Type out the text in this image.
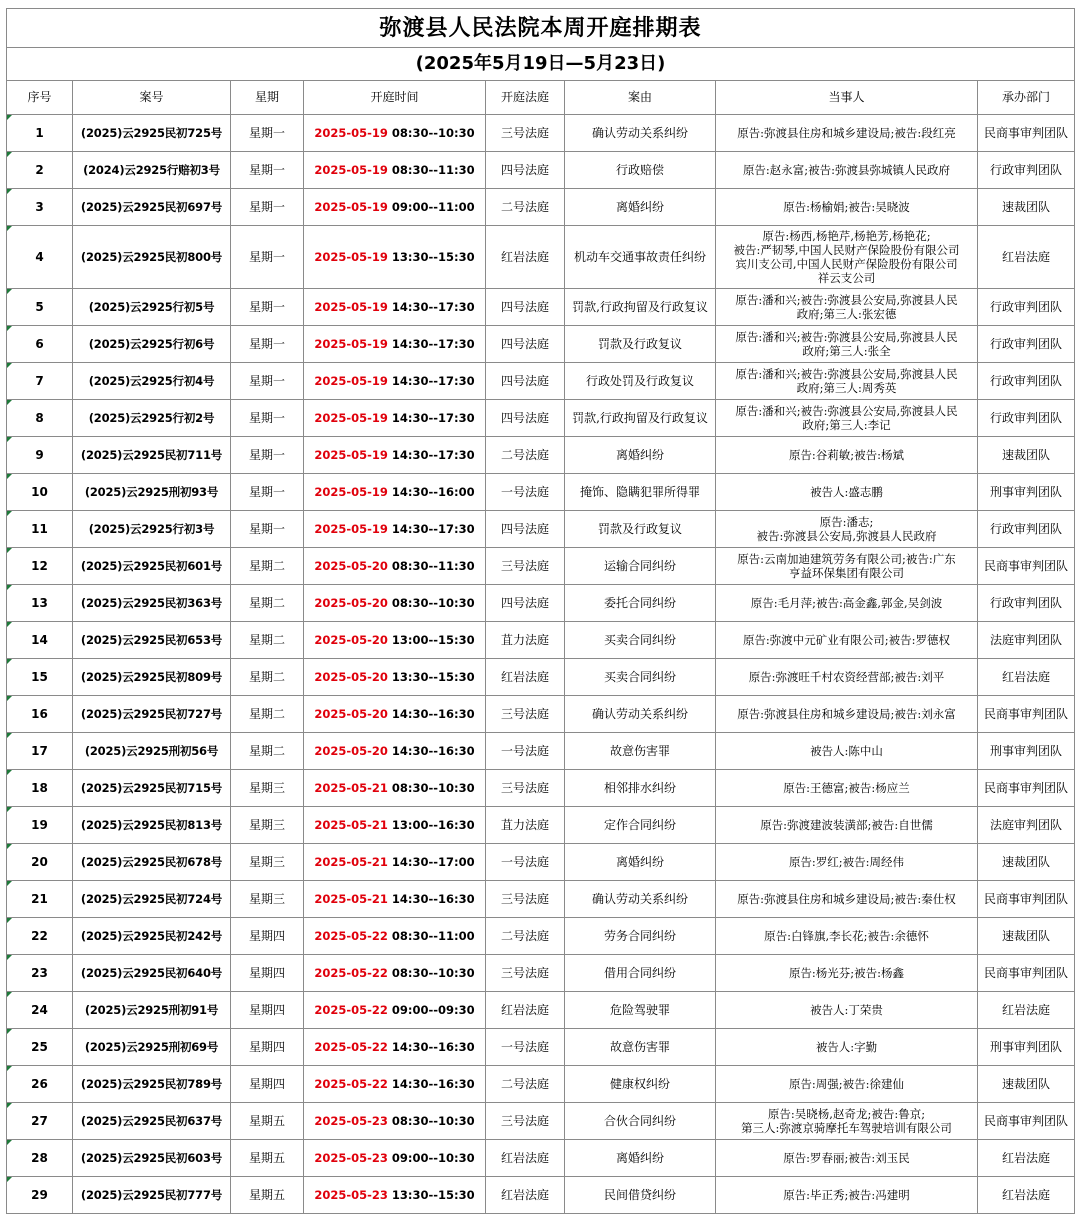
弥渡县人民法院本周开庭排期表							
(2025年5月19日—5月23日)							
序号	案号	星期	开庭时间	开庭法庭	案由	当事人	承办部门
1	(2025)云2925民初725号	星期一	2025-05-19 08:30--10:30	三号法庭	确认劳动关系纠纷	原告:弥渡县住房和城乡建设局;被告:段红亮	民商事审判团队
2	(2024)云2925行赔初3号	星期一	2025-05-19 08:30--11:30	四号法庭	行政赔偿	原告:赵永富;被告:弥渡县弥城镇人民政府	行政审判团队
3	(2025)云2925民初697号	星期一	2025-05-19 09:00--11:00	二号法庭	离婚纠纷	原告:杨榆娟;被告:吴晓波	速裁团队
4	(2025)云2925民初800号	星期一	2025-05-19 13:30--15:30	红岩法庭	机动车交通事故责任纠纷	原告:杨西,杨艳芹,杨艳芳,杨艳花;
被告:严韧琴,中国人民财产保险股份有限公司
宾川支公司,中国人民财产保险股份有限公司
祥云支公司	红岩法庭
5	(2025)云2925行初5号	星期一	2025-05-19 14:30--17:30	四号法庭	罚款,行政拘留及行政复议	原告:潘和兴;被告:弥渡县公安局,弥渡县人民
政府;第三人:张宏德	行政审判团队
6	(2025)云2925行初6号	星期一	2025-05-19 14:30--17:30	四号法庭	罚款及行政复议	原告:潘和兴;被告:弥渡县公安局,弥渡县人民
政府;第三人:张全	行政审判团队
7	(2025)云2925行初4号	星期一	2025-05-19 14:30--17:30	四号法庭	行政处罚及行政复议	原告:潘和兴;被告:弥渡县公安局,弥渡县人民
政府;第三人:周秀英	行政审判团队
8	(2025)云2925行初2号	星期一	2025-05-19 14:30--17:30	四号法庭	罚款,行政拘留及行政复议	原告:潘和兴;被告:弥渡县公安局,弥渡县人民
政府;第三人:李记	行政审判团队
9	(2025)云2925民初711号	星期一	2025-05-19 14:30--17:30	二号法庭	离婚纠纷	原告:谷莉敏;被告:杨斌	速裁团队
10	(2025)云2925刑初93号	星期一	2025-05-19 14:30--16:00	一号法庭	掩饰、隐瞒犯罪所得罪	被告人:盛志鹏	刑事审判团队
11	(2025)云2925行初3号	星期一	2025-05-19 14:30--17:30	四号法庭	罚款及行政复议	原告:潘志;
被告:弥渡县公安局,弥渡县人民政府	行政审判团队
12	(2025)云2925民初601号	星期二	2025-05-20 08:30--11:30	三号法庭	运输合同纠纷	原告:云南加迪建筑劳务有限公司;被告:广东
亨益环保集团有限公司	民商事审判团队
13	(2025)云2925民初363号	星期二	2025-05-20 08:30--10:30	四号法庭	委托合同纠纷	原告:毛月萍;被告:高金鑫,郭金,吴剑波	行政审判团队
14	(2025)云2925民初653号	星期二	2025-05-20 13:00--15:30	苴力法庭	买卖合同纠纷	原告:弥渡中元矿业有限公司;被告:罗德权	法庭审判团队
15	(2025)云2925民初809号	星期二	2025-05-20 13:30--15:30	红岩法庭	买卖合同纠纷	原告:弥渡旺千村农资经营部;被告:刘平	红岩法庭
16	(2025)云2925民初727号	星期二	2025-05-20 14:30--16:30	三号法庭	确认劳动关系纠纷	原告:弥渡县住房和城乡建设局;被告:刘永富	民商事审判团队
17	(2025)云2925刑初56号	星期二	2025-05-20 14:30--16:30	一号法庭	故意伤害罪	被告人:陈中山	刑事审判团队
18	(2025)云2925民初715号	星期三	2025-05-21 08:30--10:30	三号法庭	相邻排水纠纷	原告:王德富;被告:杨应兰	民商事审判团队
19	(2025)云2925民初813号	星期三	2025-05-21 13:00--16:30	苴力法庭	定作合同纠纷	原告:弥渡建波装潢部;被告:自世儒	法庭审判团队
20	(2025)云2925民初678号	星期三	2025-05-21 14:30--17:00	一号法庭	离婚纠纷	原告:罗红;被告:周经伟	速裁团队
21	(2025)云2925民初724号	星期三	2025-05-21 14:30--16:30	三号法庭	确认劳动关系纠纷	原告:弥渡县住房和城乡建设局;被告:秦仕权	民商事审判团队
22	(2025)云2925民初242号	星期四	2025-05-22 08:30--11:00	二号法庭	劳务合同纠纷	原告:白锋旗,李长花;被告:余德怀	速裁团队
23	(2025)云2925民初640号	星期四	2025-05-22 08:30--10:30	三号法庭	借用合同纠纷	原告:杨光芬;被告:杨鑫	民商事审判团队
24	(2025)云2925刑初91号	星期四	2025-05-22 09:00--09:30	红岩法庭	危险驾驶罪	被告人:丁荣贵	红岩法庭
25	(2025)云2925刑初69号	星期四	2025-05-22 14:30--16:30	一号法庭	故意伤害罪	被告人:字勤	刑事审判团队
26	(2025)云2925民初789号	星期四	2025-05-22 14:30--16:30	二号法庭	健康权纠纷	原告:周强;被告:徐建仙	速裁团队
27	(2025)云2925民初637号	星期五	2025-05-23 08:30--10:30	三号法庭	合伙合同纠纷	原告:吴晓杨,赵奇龙;被告:鲁京;
第三人:弥渡京骑摩托车驾驶培训有限公司	民商事审判团队
28	(2025)云2925民初603号	星期五	2025-05-23 09:00--10:30	红岩法庭	离婚纠纷	原告:罗春丽;被告:刘玉民	红岩法庭
29	(2025)云2925民初777号	星期五	2025-05-23 13:30--15:30	红岩法庭	民间借贷纠纷	原告:毕正秀;被告:冯建明	红岩法庭
